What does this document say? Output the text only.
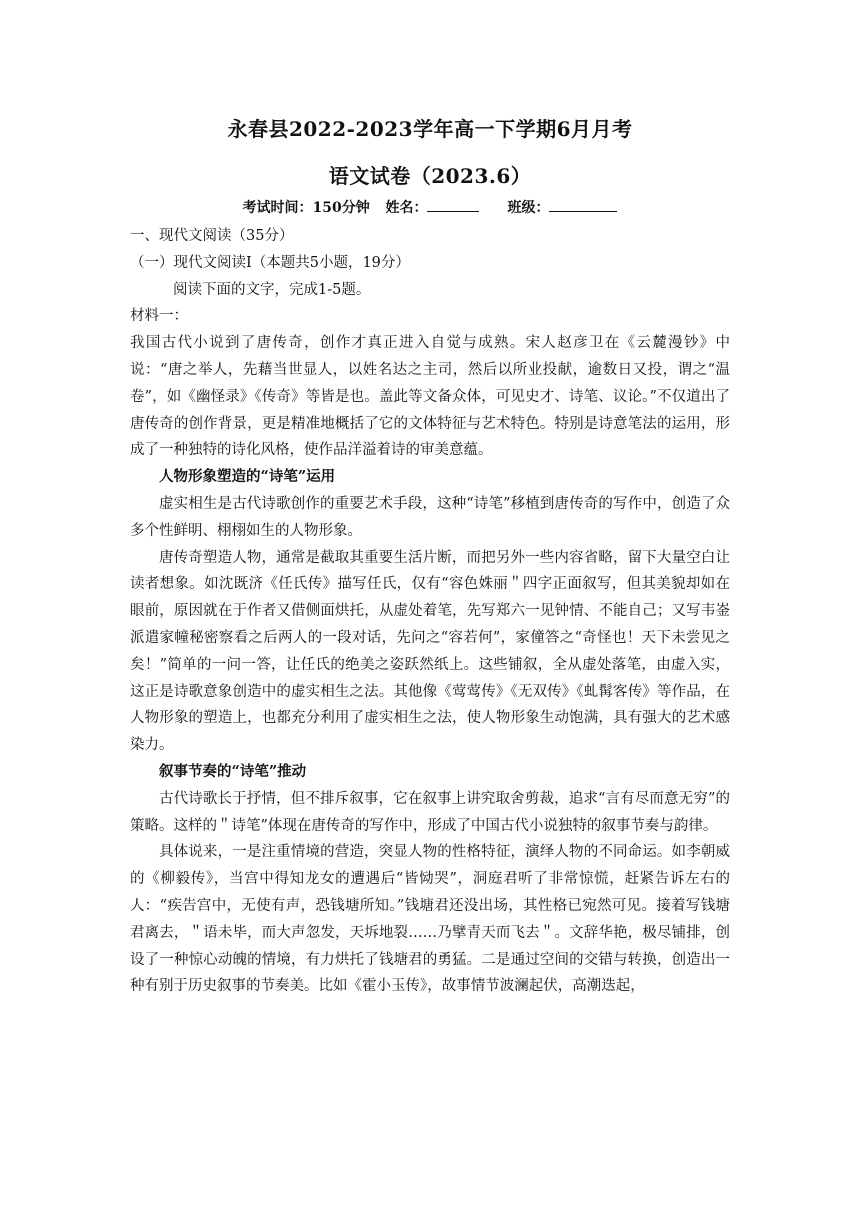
永春县2022-2023学年高一下学期6月月考
语文试卷（2023.6）
考试时间：150分钟 姓名：	班级：

一、现代文阅读（35分）

（一）现代文阅读Ⅰ（本题共5小题，19分）

阅读下面的文字，完成1-5题。

材料一：

我国古代小说到了唐传奇，创作才真正进入自觉与成熟。宋人赵彦卫在《云麓漫钞》中说：“唐之举人，先藉当世显人，以姓名达之主司，然后以所业投献，逾数日又投，谓之“温卷”，如《幽怪录》《传奇》等皆是也。盖此等文备众体，可见史才、诗笔、议论。”不仅道出了唐传奇的创作背景，更是精准地概括了它的文体特征与艺术特色。特别是诗意笔法的运用，形成了一种独特的诗化风格，使作品洋溢着诗的审美意蕴。

人物形象塑造的“诗笔”运用

虚实相生是古代诗歌创作的重要艺术手段，这种“诗笔”移植到唐传奇的写作中，创造了众多个性鲜明、栩栩如生的人物形象。

唐传奇塑造人物，通常是截取其重要生活片断，而把另外一些内容省略，留下大量空白让读者想象。如沈既济《任氏传》描写任氏，仅有“容色姝丽＂四字正面叙写，但其美貌却如在眼前，原因就在于作者又借侧面烘托，从虚处着笔，先写郑六一见钟情、不能自己；又写韦崟派遣家幢秘密察看之后两人的一段对话，先问之“容若何”，家僮答之“奇怪也！天下未尝见之矣！”简单的一问一答，让任氏的绝美之姿跃然纸上。这些铺叙，全从虚处落笔，由虚入实，这正是诗歌意象创造中的虚实相生之法。其他像《莺莺传》《无双传》《虬髯客传》等作品，在人物形象的塑造上，也都充分利用了虚实相生之法，使人物形象生动饱满，具有强大的艺术感染力。

叙事节奏的“诗笔”推动

古代诗歌长于抒情，但不排斥叙事，它在叙事上讲究取舍剪裁，追求“言有尽而意无穷”的策略。这样的＂诗笔”体现在唐传奇的写作中，形成了中国古代小说独特的叙事节奏与韵律。

具体说来，一是注重情境的营造，突显人物的性格特征，演绎人物的不同命运。如李朝威的《柳毅传》，当宫中得知龙女的遭遇后“皆恸哭”，洞庭君听了非常惊慌，赶紧告诉左右的人：“疾告宫中，无使有声，恐钱塘所知。”钱塘君还没出场，其性格已宛然可见。接着写钱塘君离去，＂语未毕，而大声忽发，天坼地裂……乃擘青天而飞去＂。文辞华艳，极尽铺排，创设了一种惊心动魄的情境，有力烘托了钱塘君的勇猛。二是通过空间的交错与转换，创造出一种有别于历史叙事的节奏美。比如《霍小玉传》，故事情节波澜起伏，高潮迭起，
